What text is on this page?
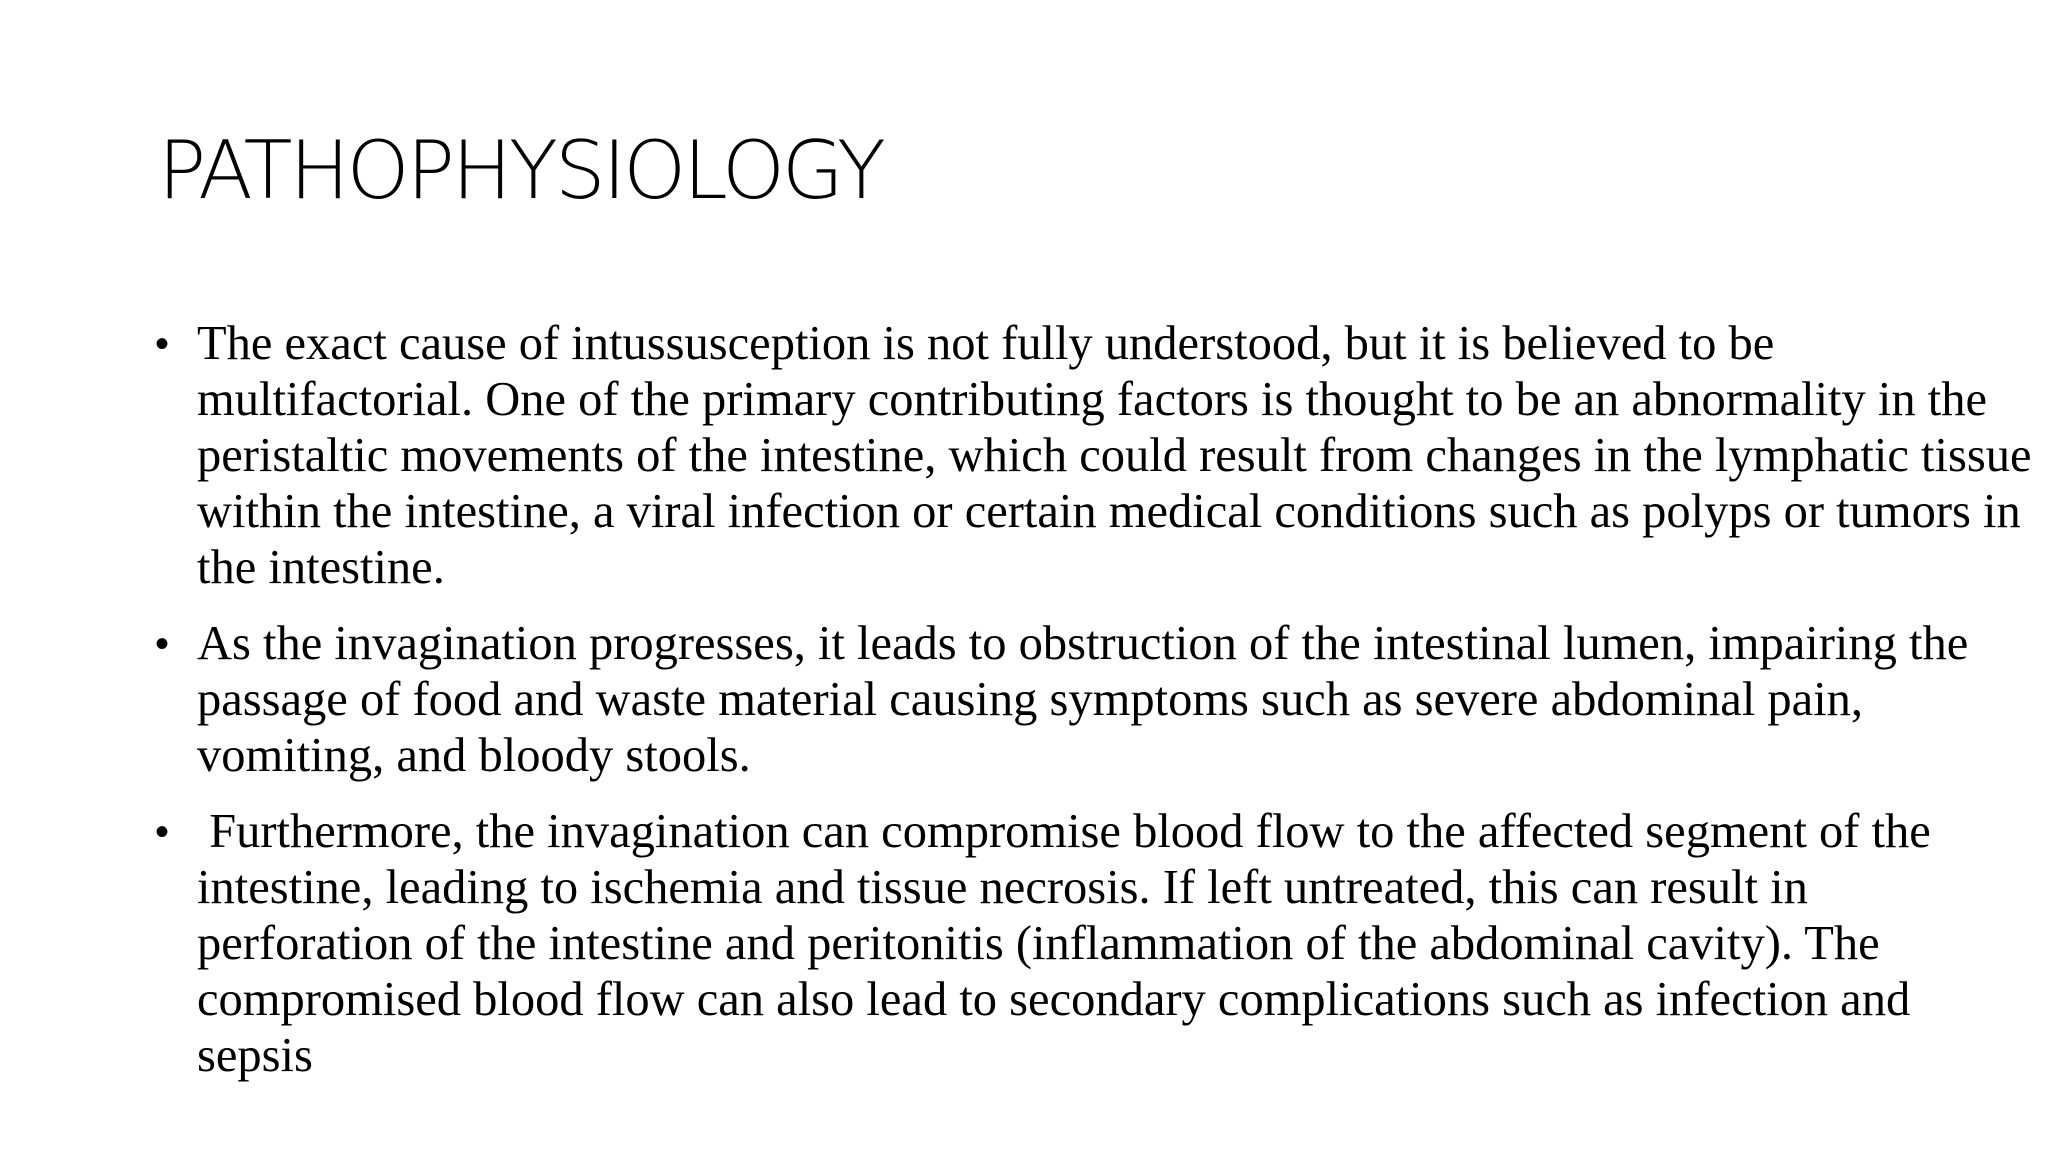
PATHOPHYSIOLOGY
• The exact cause of intussusception is not fully understood, but it is believed to be multifactorial. One of the primary contributing factors is thought to be an abnormality in the peristaltic movements of the intestine, which could result from changes in the lymphatic tissue within the intestine, a viral infection or certain medical conditions such as polyps or tumors in the intestine.
• As the invagination progresses, it leads to obstruction of the intestinal lumen, impairing the passage of food and waste material causing symptoms such as severe abdominal pain, vomiting, and bloody stools.
• Furthermore, the invagination can compromise blood flow to the affected segment of the intestine, leading to ischemia and tissue necrosis. If left untreated, this can result in perforation of the intestine and peritonitis (inflammation of the abdominal cavity). The compromised blood flow can also lead to secondary complications such as infection and sepsis
